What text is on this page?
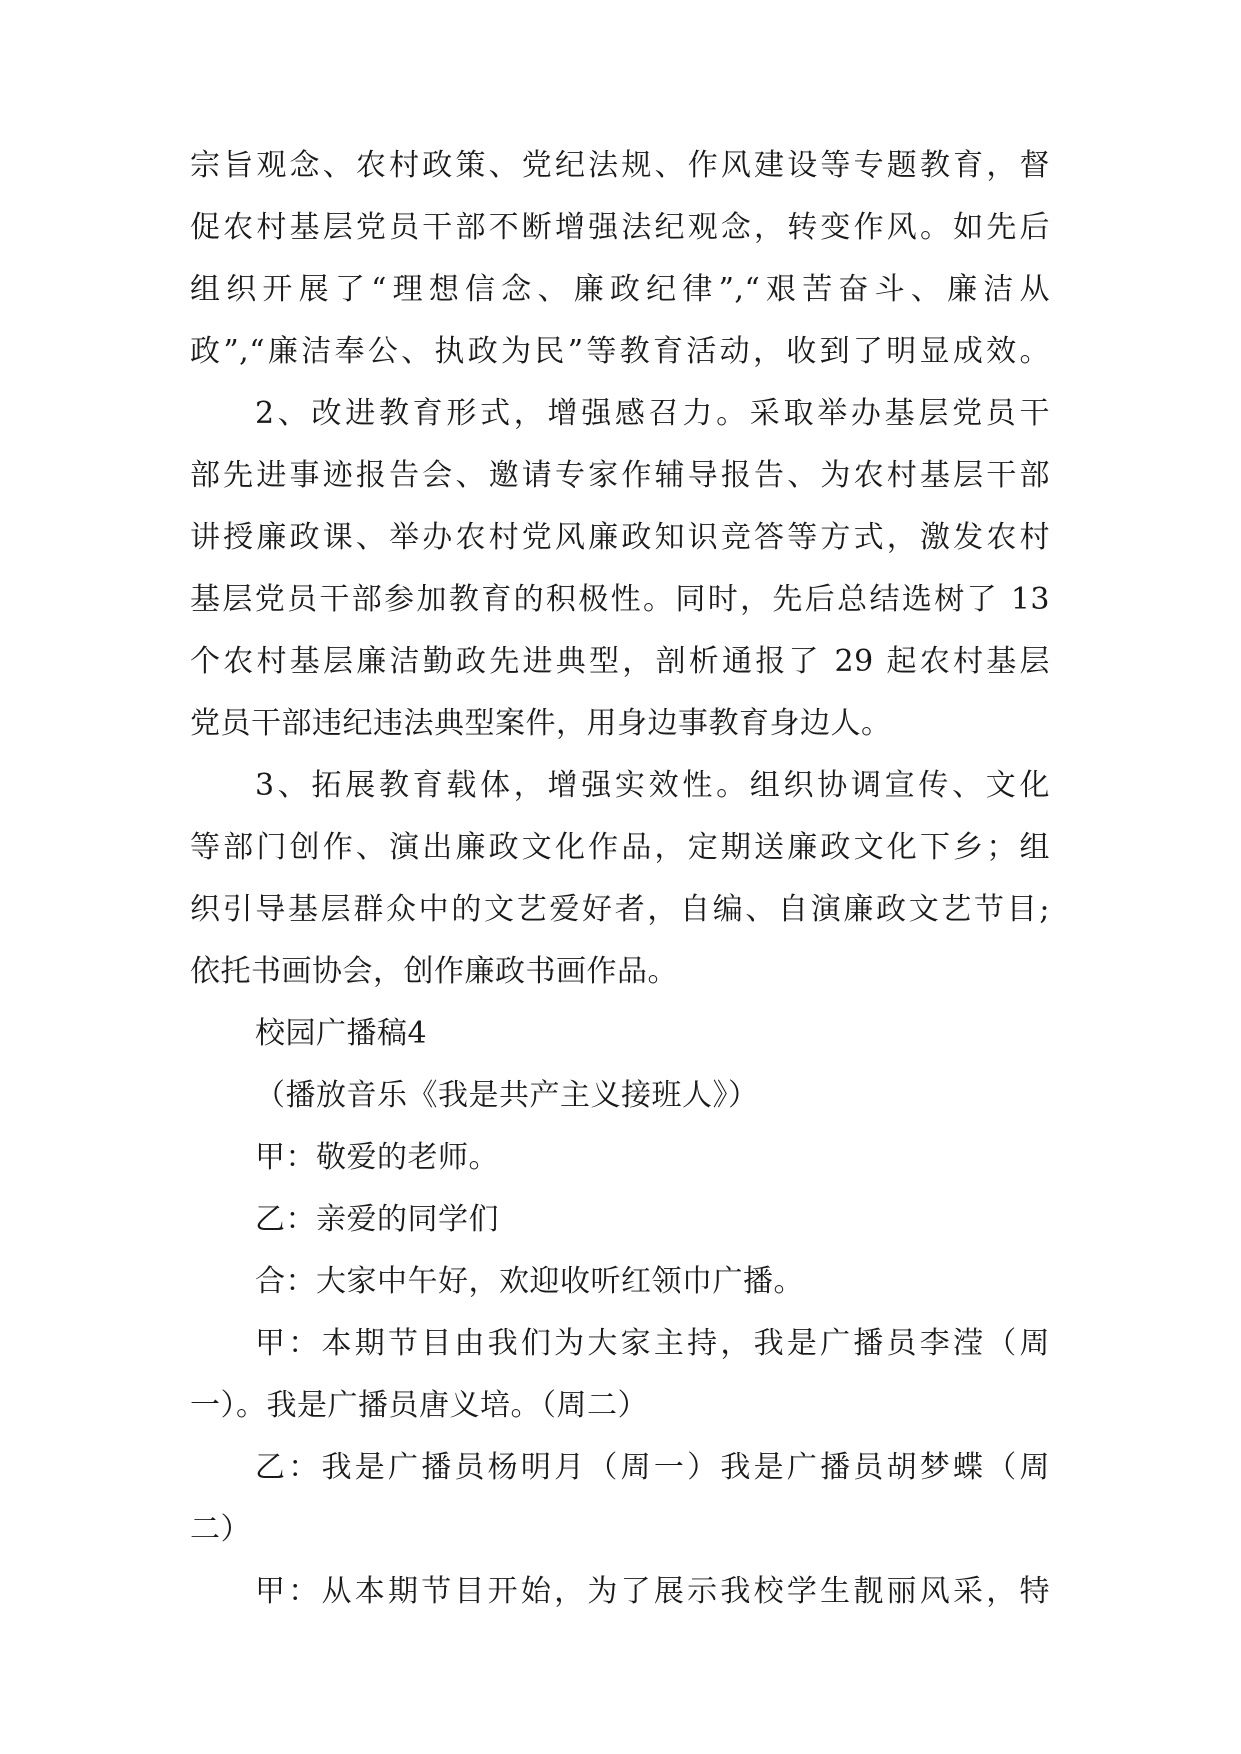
宗旨观念、农村政策、党纪法规、作风建设等专题教育，督
促农村基层党员干部不断增强法纪观念，转变作风。如先后
组织开展了“理想信念、廉政纪律”,“艰苦奋斗、廉洁从
政”,“廉洁奉公、执政为民”等教育活动，收到了明显成效。
2、改进教育形式，增强感召力。采取举办基层党员干
部先进事迹报告会、邀请专家作辅导报告、为农村基层干部
讲授廉政课、举办农村党风廉政知识竞答等方式，激发农村
基层党员干部参加教育的积极性。同时，先后总结选树了 13
个农村基层廉洁勤政先进典型，剖析通报了 29 起农村基层
党员干部违纪违法典型案件，用身边事教育身边人。
3、拓展教育载体，增强实效性。组织协调宣传、文化
等部门创作、演出廉政文化作品，定期送廉政文化下乡；组
织引导基层群众中的文艺爱好者，自编、自演廉政文艺节目;
依托书画协会，创作廉政书画作品。
校园广播稿4
（播放音乐《我是共产主义接班人》）
甲：敬爱的老师。
乙：亲爱的同学们
合：大家中午好，欢迎收听红领巾广播。
甲：本期节目由我们为大家主持，我是广播员李滢（周
一）。我是广播员唐义培。（周二）
乙：我是广播员杨明月（周一）我是广播员胡梦蝶（周
二）
甲：从本期节目开始，为了展示我校学生靓丽风采，特
